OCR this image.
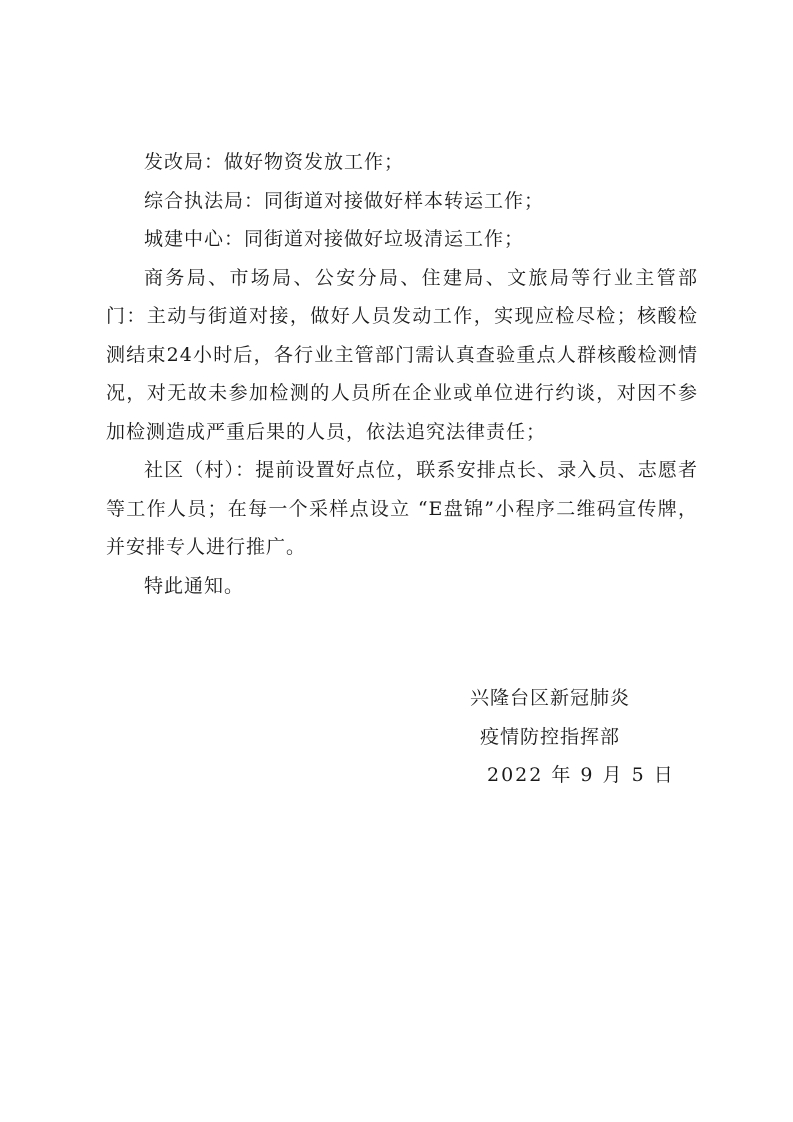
发改局：做好物资发放工作；

综合执法局：同街道对接做好样本转运工作；

城建中心：同街道对接做好垃圾清运工作；

商务局、市场局、公安分局、住建局、文旅局等行业主管部门：主动与街道对接，做好人员发动工作，实现应检尽检；核酸检测结束24小时后，各行业主管部门需认真查验重点人群核酸检测情况，对无故未参加检测的人员所在企业或单位进行约谈，对因不参加检测造成严重后果的人员，依法追究法律责任；

社区（村）：提前设置好点位，联系安排点长、录入员、志愿者等工作人员；在每一个采样点设立 “E盘锦”小程序二维码宣传牌，并安排专人进行推广。

特此通知。

兴隆台区新冠肺炎

疫情防控指挥部

2022 年 9 月 5 日
